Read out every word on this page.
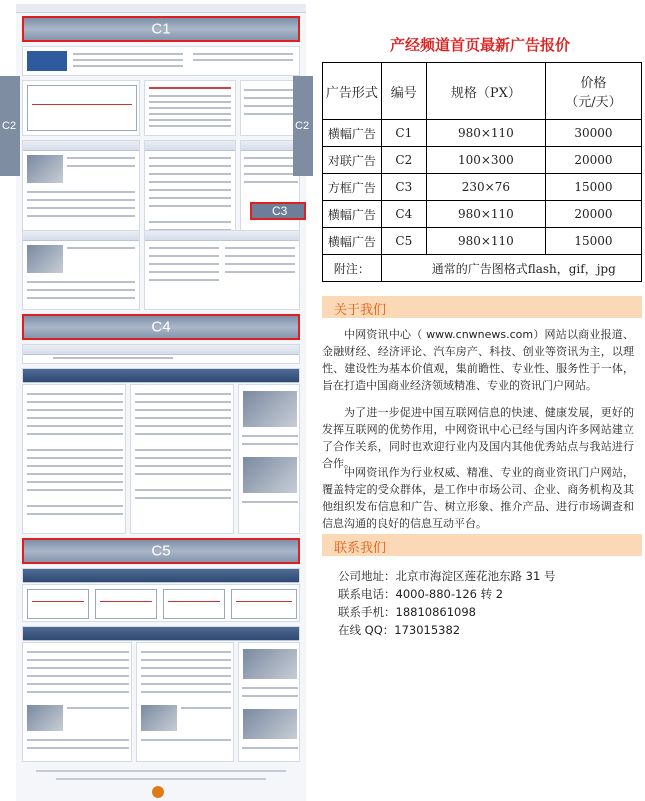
C1
C3
C4
C5
C2	C2
产经频道首页最新广告报价
广告形式	编号	规格（PX）	价格
（元/天）
横幅广告	C1	980×110	30000
对联广告	C2	100×300	20000
方框广告	C3	230×76	15000
横幅广告	C4	980×110	20000
横幅广告	C5	980×110	15000
附注：	通常的广告图格式flash，gif，jpg		
关于我们

中网资讯中心（ www.cnwnews.com）网站以商业报道、金融财经、经济评论、汽车房产、科技、创业等资讯为主，以理性、建设性为基本价值观，集前瞻性、专业性、服务性于一体，旨在打造中国商业经济领域精准、专业的资讯门户网站。

为了进一步促进中国互联网信息的快速、健康发展，更好的发挥互联网的优势作用，中网资讯中心已经与国内许多网站建立了合作关系，同时也欢迎行业内及国内其他优秀站点与我站进行合作。

中网资讯作为行业权威、精准、专业的商业资讯门户网站，覆盖特定的受众群体，是工作中市场公司、企业、商务机构及其他组织发布信息和广告、树立形象、推介产品、进行市场调查和信息沟通的良好的信息互动平台。

联系我们
公司地址：北京市海淀区莲花池东路 31 号
联系电话：4000-880-126 转 2
联系手机：18810861098
在线 QQ：173015382
